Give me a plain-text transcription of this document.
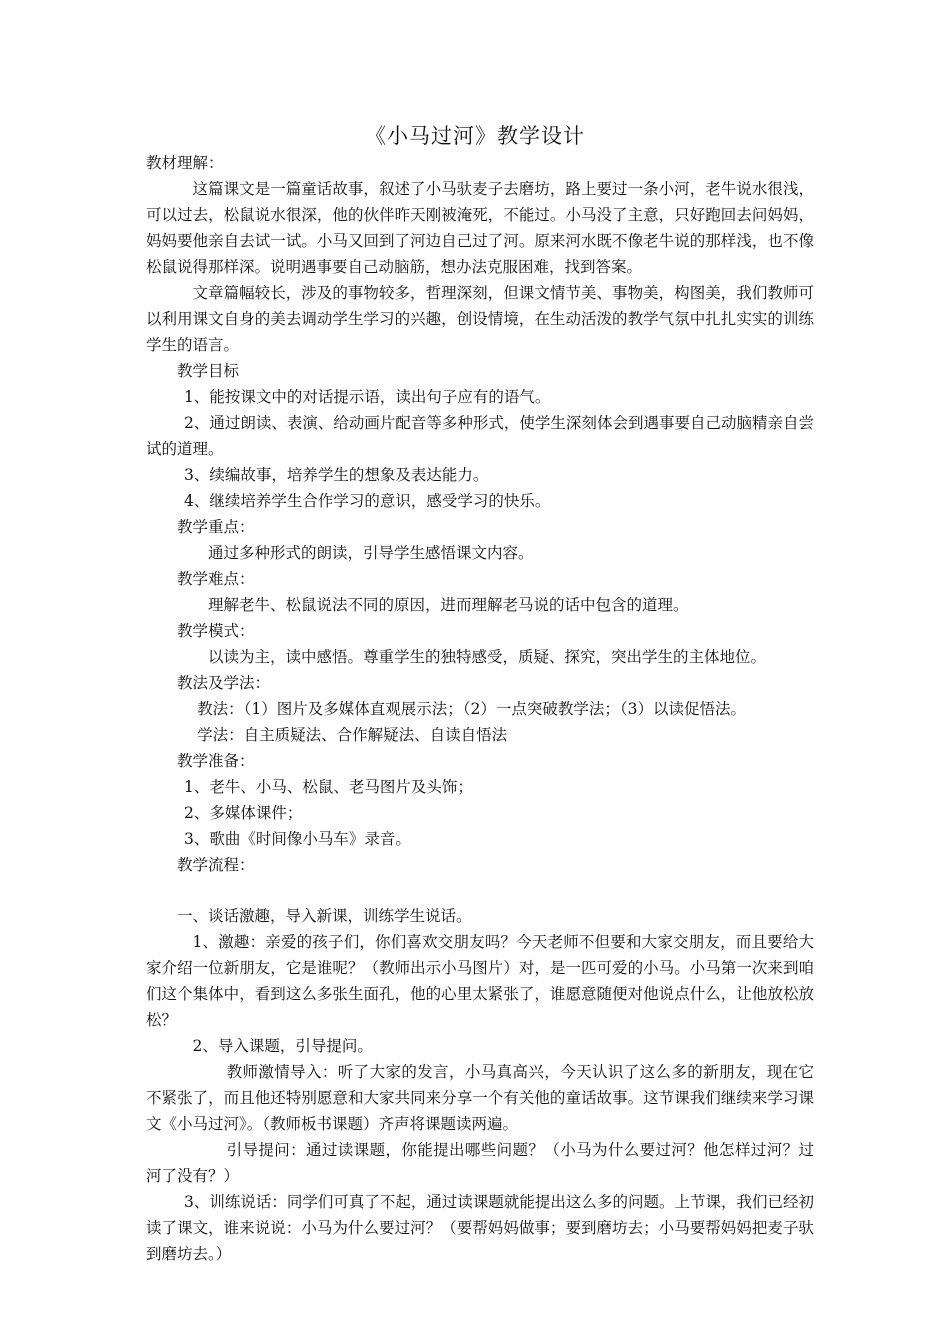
《小马过河》教学设计

教材理解：

这篇课文是一篇童话故事，叙述了小马驮麦子去磨坊，路上要过一条小河，老牛说水很浅，可以过去，松鼠说水很深，他的伙伴昨天刚被淹死，不能过。小马没了主意，只好跑回去问妈妈，妈妈要他亲自去试一试。小马又回到了河边自己过了河。原来河水既不像老牛说的那样浅，也不像松鼠说得那样深。说明遇事要自己动脑筋，想办法克服困难，找到答案。

文章篇幅较长，涉及的事物较多，哲理深刻，但课文情节美、事物美，构图美，我们教师可以利用课文自身的美去调动学生学习的兴趣，创设情境，在生动活泼的教学气氛中扎扎实实的训练学生的语言。

教学目标

1、能按课文中的对话提示语，读出句子应有的语气。

2、通过朗读、表演、给动画片配音等多种形式，使学生深刻体会到遇事要自己动脑精亲自尝试的道理。

3、续编故事，培养学生的想象及表达能力。

4、继续培养学生合作学习的意识，感受学习的快乐。

教学重点：

通过多种形式的朗读，引导学生感悟课文内容。

教学难点：

理解老牛、松鼠说法不同的原因，进而理解老马说的话中包含的道理。

教学模式：

以读为主，读中感悟。尊重学生的独特感受，质疑、探究，突出学生的主体地位。

教法及学法：

教法：（1）图片及多媒体直观展示法；（2）一点突破教学法；（3）以读促悟法。

学法：自主质疑法、合作解疑法、自读自悟法

教学准备：

1、老牛、小马、松鼠、老马图片及头饰；

2、多媒体课件；

3、歌曲《时间像小马车》录音。

教学流程：

一、谈话激趣，导入新课，训练学生说话。

1、激趣：亲爱的孩子们，你们喜欢交朋友吗？今天老师不但要和大家交朋友，而且要给大家介绍一位新朋友，它是谁呢？（教师出示小马图片）对，是一匹可爱的小马。小马第一次来到咱们这个集体中，看到这么多张生面孔，他的心里太紧张了，谁愿意随便对他说点什么，让他放松放松？

2、导入课题，引导提问。

教师激情导入：听了大家的发言，小马真高兴，今天认识了这么多的新朋友，现在它不紧张了，而且他还特别愿意和大家共同来分享一个有关他的童话故事。这节课我们继续来学习课文《小马过河》。（教师板书课题）齐声将课题读两遍。

引导提问：通过读课题，你能提出哪些问题？（小马为什么要过河？他怎样过河？过河了没有？）

3、训练说话：同学们可真了不起，通过读课题就能提出这么多的问题。上节课，我们已经初读了课文，谁来说说：小马为什么要过河？（要帮妈妈做事；要到磨坊去；小马要帮妈妈把麦子驮到磨坊去。）
